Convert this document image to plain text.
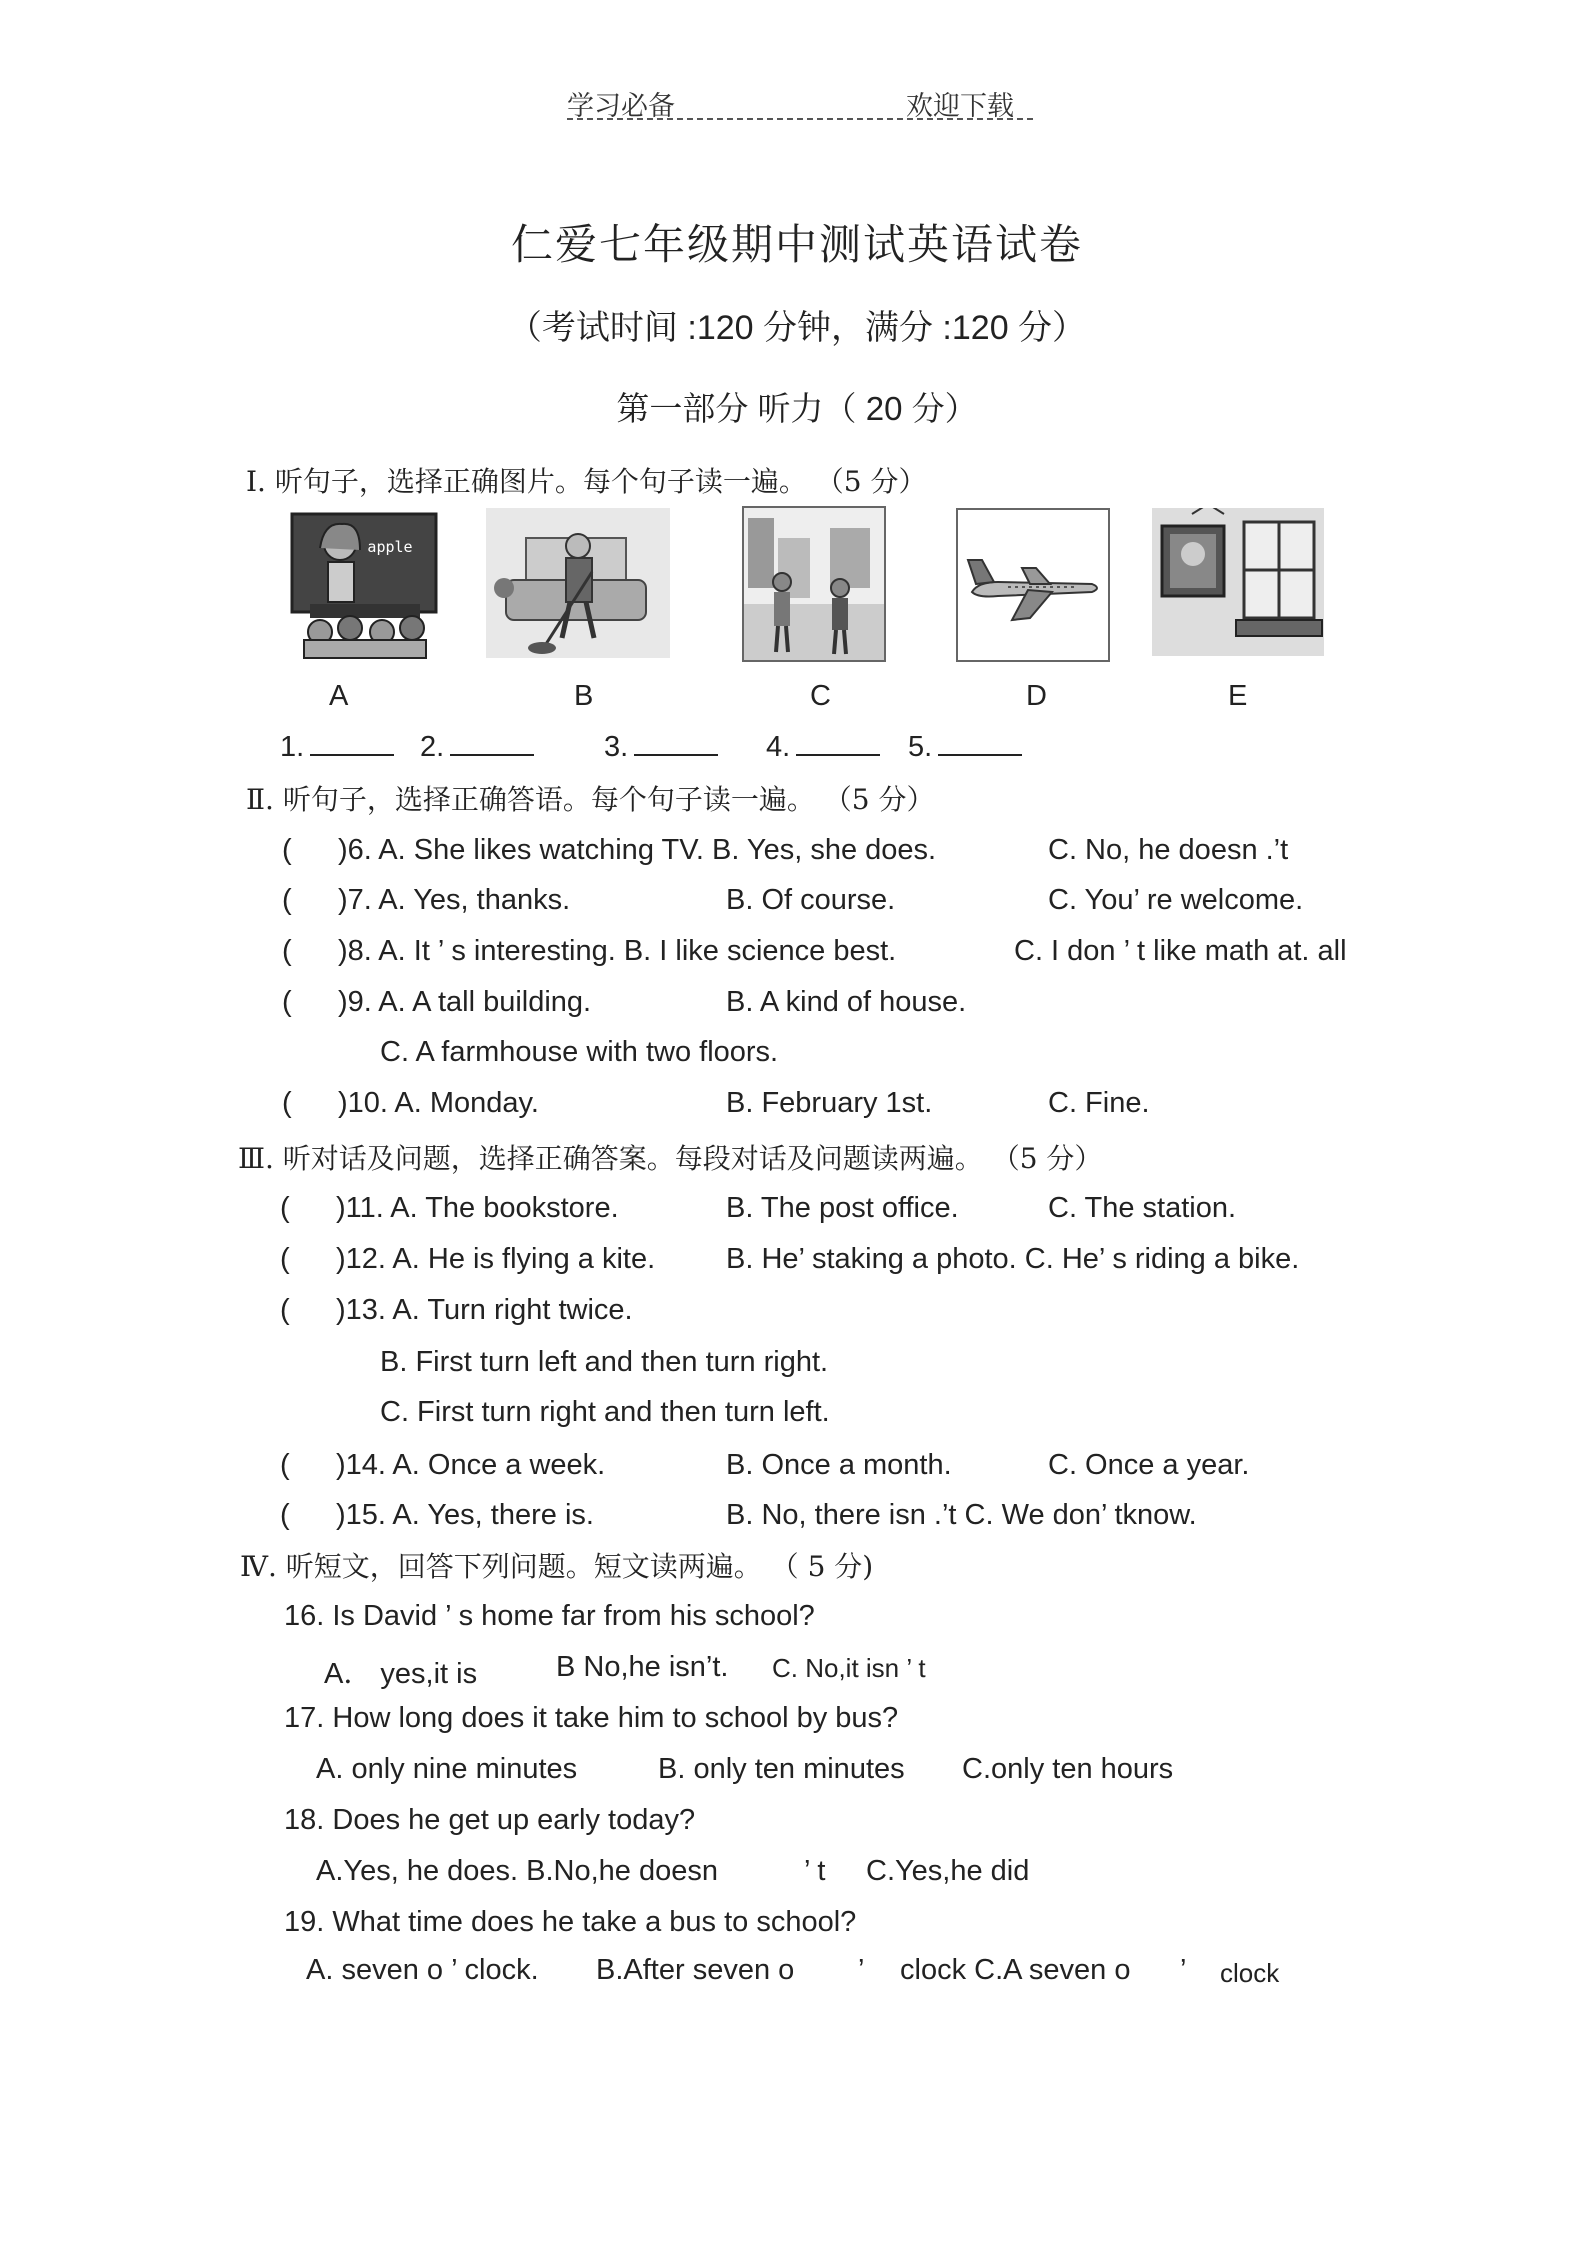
学习必备	欢迎下载
仁爱七年级期中测试英语试卷
（考试时间 :120 分钟，满分 :120 分）
第一部分 听力（ 20 分）
Ⅰ. 听句子，选择正确图片。每个句子读一遍。 （5 分）
apple
A	B	C	D	E
1.	2.	3.	4.	5.
Ⅱ. 听句子，选择正确答语。每个句子读一遍。 （5 分）
( )6. A. She likes watching TV. B. Yes, she does.	C. No, he doesn .’t
( )7. A. Yes, thanks.	B. Of course.	C. You’ re welcome.
( )8. A. It ’ s interesting. B. I like science best.	C. I don ’ t like math at. all
( )9. A. A tall building.	B. A kind of house.
C. A farmhouse with two floors.
( )10. A. Monday.	B. February 1st.	C. Fine.
Ⅲ. 听对话及问题，选择正确答案。每段对话及问题读两遍。 （5 分）
( )11. A. The bookstore.	B. The post office.	C. The station.
( )12. A. He is flying a kite. B. He’ staking a photo. C. He’ s riding a bike.
( )13. A. Turn right twice.
B. First turn left and then turn right.
C. First turn right and then turn left.
( )14. A. Once a week.	B. Once a month.	C. Once a year.
( )15. A. Yes, there is.	B. No, there isn .’t C. We don’ tknow.
Ⅳ. 听短文，回答下列问题。短文读两遍。 （ 5 分)
16. Is David ’ s home far from his school?
A． yes,it is	B No,he isn’t. C. No,it isn ’ t
17. How long does it take him to school by bus?
A. only nine minutes	B. only ten minutes C.only ten hours
18. Does he get up early today?
A.Yes, he does. B.No,he doesn	’ t C.Yes,he did
19. What time does he take a bus to school?
A. seven o ’ clock. B.After seven o ’ clock C.A seven o ’ clock
